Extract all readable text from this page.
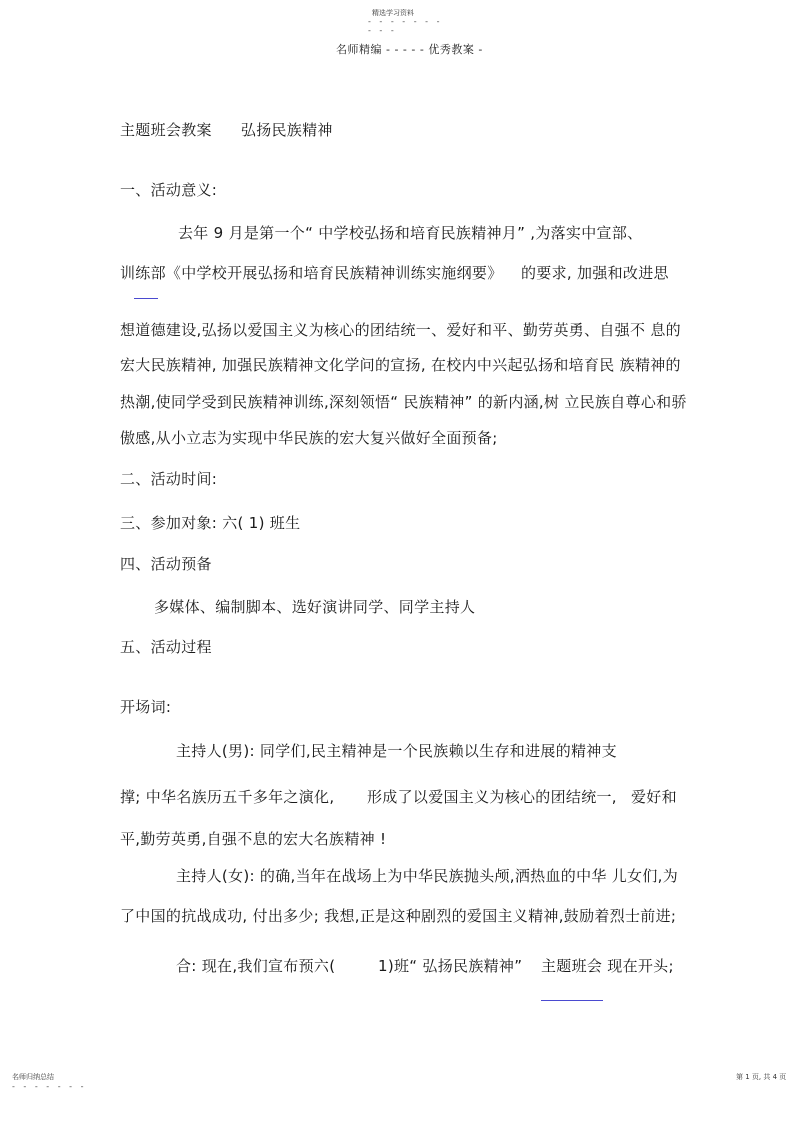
精选学习资料
- - - - - - -
- - -
名师精编 - - - - - 优秀教案 -
主题班会教案 弘扬民族精神
一、活动意义:
去年 9 月是第一个“ 中学校弘扬和培育民族精神月” ,为落实中宣部、
训练部《中学校开展弘扬和培育民族精神训练实施纲要》 的要求, 加强和改进思
想道德建设,弘扬以爱国主义为核心的团结统一、爱好和平、勤劳英勇、自强不 息的
宏大民族精神, 加强民族精神文化学问的宣扬, 在校内中兴起弘扬和培育民 族精神的
热潮,使同学受到民族精神训练,深刻领悟“ 民族精神” 的新内涵,树 立民族自尊心和骄
傲感,从小立志为实现中华民族的宏大复兴做好全面预备;
二、活动时间:
三、参加对象: 六( 1) 班生
四、活动预备
多媒体、编制脚本、选好演讲同学、同学主持人
五、活动过程
开场词:
主持人(男): 同学们,民主精神是一个民族赖以生存和进展的精神支
撑; 中华名族历五千多年之演化, 形成了以爱国主义为核心的团结统一, 爱好和
平,勤劳英勇,自强不息的宏大名族精神 !
主持人(女): 的确,当年在战场上为中华民族抛头颅,洒热血的中华 儿女们,为
了中国的抗战成功, 付出多少; 我想,正是这种剧烈的爱国主义精神,鼓励着烈士前进;
合: 现在,我们宣布预六(	1)班“ 弘扬民族精神” 主题班会 现在开头;
名师归纳总结
- - - - - - -
第 1 页, 共 4 页
